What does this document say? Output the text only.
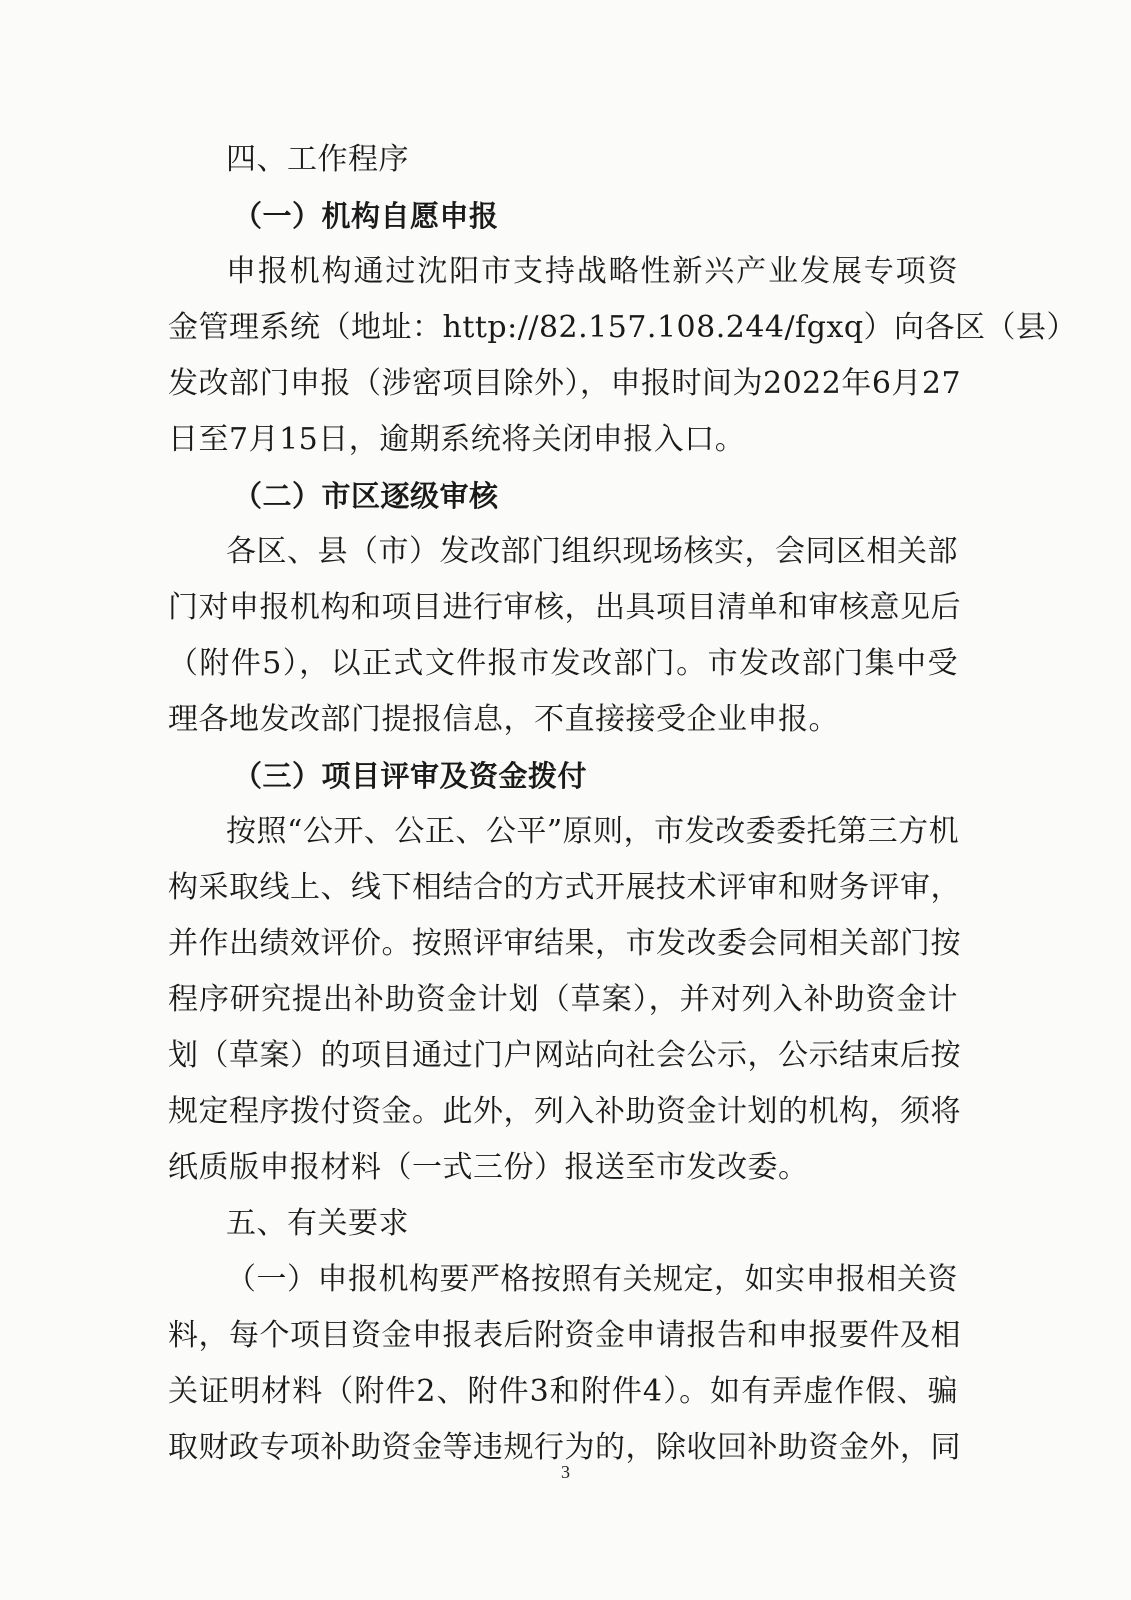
四、工作程序
（一）机构自愿申报
申报机构通过沈阳市支持战略性新兴产业发展专项资
金管理系统（地址：http://82.157.108.244/fgxq）向各区（县）
发改部门申报（涉密项目除外），申报时间为2022年6月27
日至7月15日，逾期系统将关闭申报入口。
（二）市区逐级审核
各区、县（市）发改部门组织现场核实，会同区相关部
门对申报机构和项目进行审核，出具项目清单和审核意见后
（附件5），以正式文件报市发改部门。市发改部门集中受
理各地发改部门提报信息，不直接接受企业申报。
（三）项目评审及资金拨付
按照“公开、公正、公平”原则，市发改委委托第三方机
构采取线上、线下相结合的方式开展技术评审和财务评审，
并作出绩效评价。按照评审结果，市发改委会同相关部门按
程序研究提出补助资金计划（草案），并对列入补助资金计
划（草案）的项目通过门户网站向社会公示，公示结束后按
规定程序拨付资金。此外，列入补助资金计划的机构，须将
纸质版申报材料（一式三份）报送至市发改委。
五、有关要求
（一）申报机构要严格按照有关规定，如实申报相关资
料，每个项目资金申报表后附资金申请报告和申报要件及相
关证明材料（附件2、附件3和附件4）。如有弄虚作假、骗
取财政专项补助资金等违规行为的，除收回补助资金外，同
3
